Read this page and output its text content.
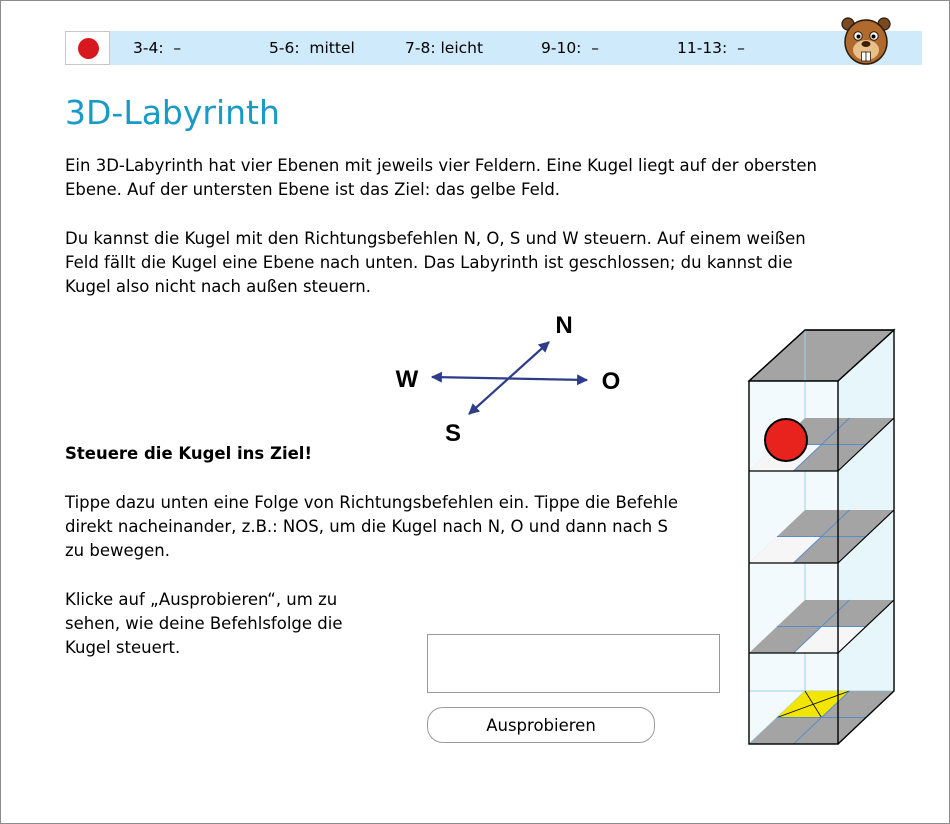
3-4: –	5-6: mittel	7-8: leicht	9-10: –	11-13: –
3D-Labyrinth

Ein 3D-Labyrinth hat vier Ebenen mit jeweils vier Feldern. Eine Kugel liegt auf der obersten
Ebene. Auf der untersten Ebene ist das Ziel: das gelbe Feld.

Du kannst die Kugel mit den Richtungsbefehlen N, O, S und W steuern. Auf einem weißen
Feld fällt die Kugel eine Ebene nach unten. Das Labyrinth ist geschlossen; du kannst die
Kugel also nicht nach außen steuern.

N
O
S
W

Steuere die Kugel ins Ziel!

Tippe dazu unten eine Folge von Richtungsbefehlen ein. Tippe die Befehle
direkt nacheinander, z.B.: NOS, um die Kugel nach N, O und dann nach S
zu bewegen.

Klicke auf „Ausprobieren“, um zu
sehen, wie deine Befehlsfolge die
Kugel steuert.

Ausprobieren
